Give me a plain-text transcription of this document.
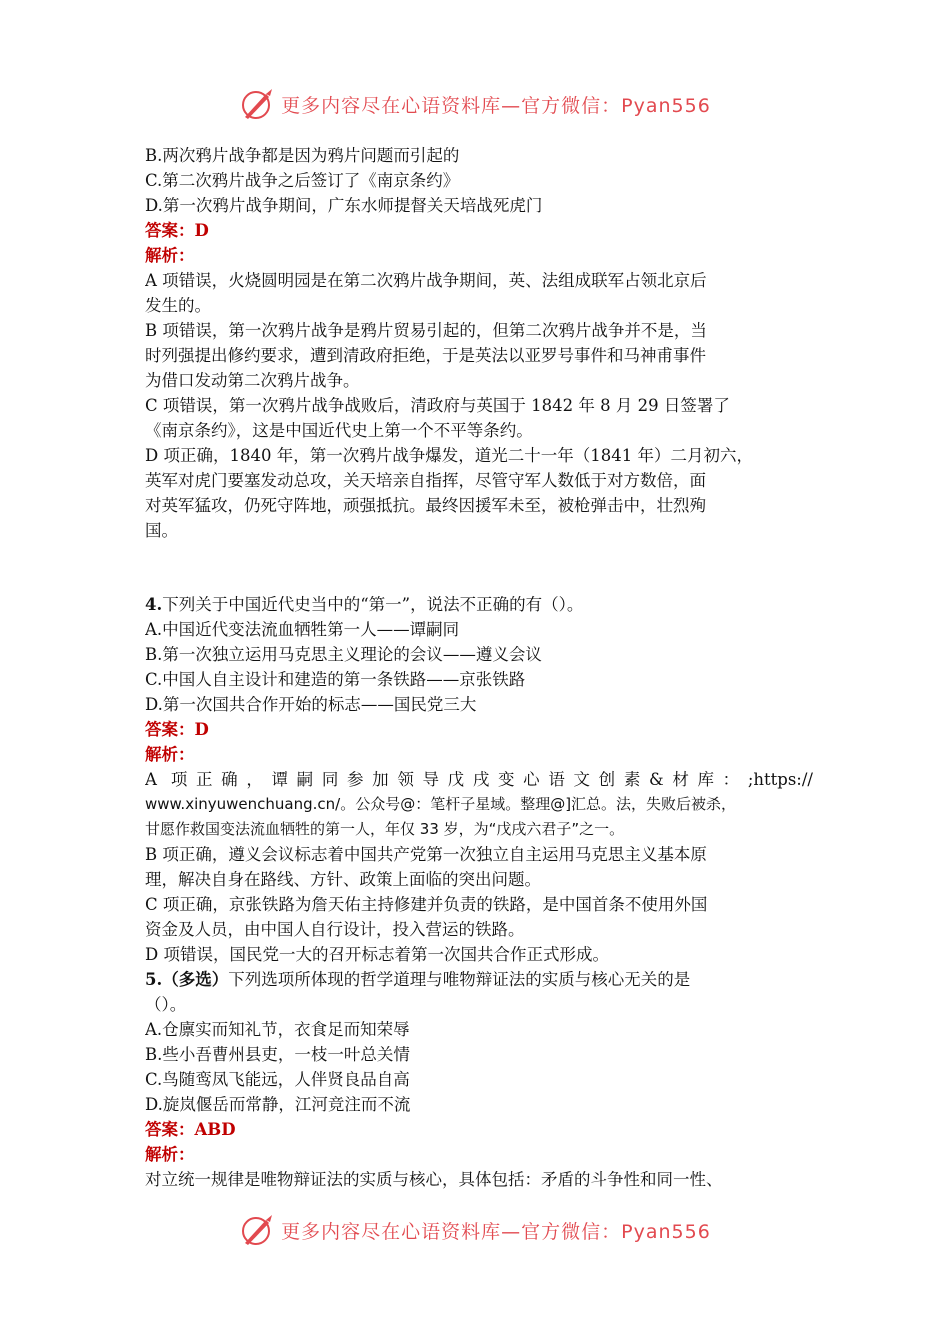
更多内容尽在心语资料库—官方微信：Pyan556
B.两次鸦片战争都是因为鸦片问题而引起的
C.第二次鸦片战争之后签订了《南京条约》
D.第一次鸦片战争期间，广东水师提督关天培战死虎门
答案：D
解析：
A 项错误，火烧圆明园是在第二次鸦片战争期间，英、法组成联军占领北京后
发生的。
B 项错误，第一次鸦片战争是鸦片贸易引起的，但第二次鸦片战争并不是，当
时列强提出修约要求，遭到清政府拒绝，于是英法以亚罗号事件和马神甫事件
为借口发动第二次鸦片战争。
C 项错误，第一次鸦片战争战败后，清政府与英国于 1842 年 8 月 29 日签署了
《南京条约》，这是中国近代史上第一个不平等条约。
D 项正确，1840 年，第一次鸦片战争爆发，道光二十一年（1841 年）二月初六，
英军对虎门要塞发动总攻，关天培亲自指挥，尽管守军人数低于对方数倍，面
对英军猛攻，仍死守阵地，顽强抵抗。最终因援军未至，被枪弹击中，壮烈殉
国。
4.下列关于中国近代史当中的“第一”，说法不正确的有（）。
A.中国近代变法流血牺牲第一人——谭嗣同
B.第一次独立运用马克思主义理论的会议——遵义会议
C.中国人自主设计和建造的第一条铁路——京张铁路
D.第一次国共合作开始的标志——国民党三大
答案：D
解析：
A 项正确，谭嗣同参加领导戊戌变心语文创素&材库：;https://
www.xinyuwenchuang.cn/。公众号@：笔杆子星域。整理@]汇总。法，失败后被杀，
甘愿作救国变法流血牺牲的第一人，年仅 33 岁，为“戊戌六君子”之一。
B 项正确，遵义会议标志着中国共产党第一次独立自主运用马克思主义基本原
理，解决自身在路线、方针、政策上面临的突出问题。
C 项正确，京张铁路为詹天佑主持修建并负责的铁路，是中国首条不使用外国
资金及人员，由中国人自行设计，投入营运的铁路。
D 项错误，国民党一大的召开标志着第一次国共合作正式形成。
5.（多选）下列选项所体现的哲学道理与唯物辩证法的实质与核心无关的是
（）。
A.仓廪实而知礼节，衣食足而知荣辱
B.些小吾曹州县吏，一枝一叶总关情
C.鸟随鸾凤飞能远，人伴贤良品自高
D.旋岚偃岳而常静，江河竞注而不流
答案：ABD
解析：
对立统一规律是唯物辩证法的实质与核心，具体包括：矛盾的斗争性和同一性、
更多内容尽在心语资料库—官方微信：Pyan556
